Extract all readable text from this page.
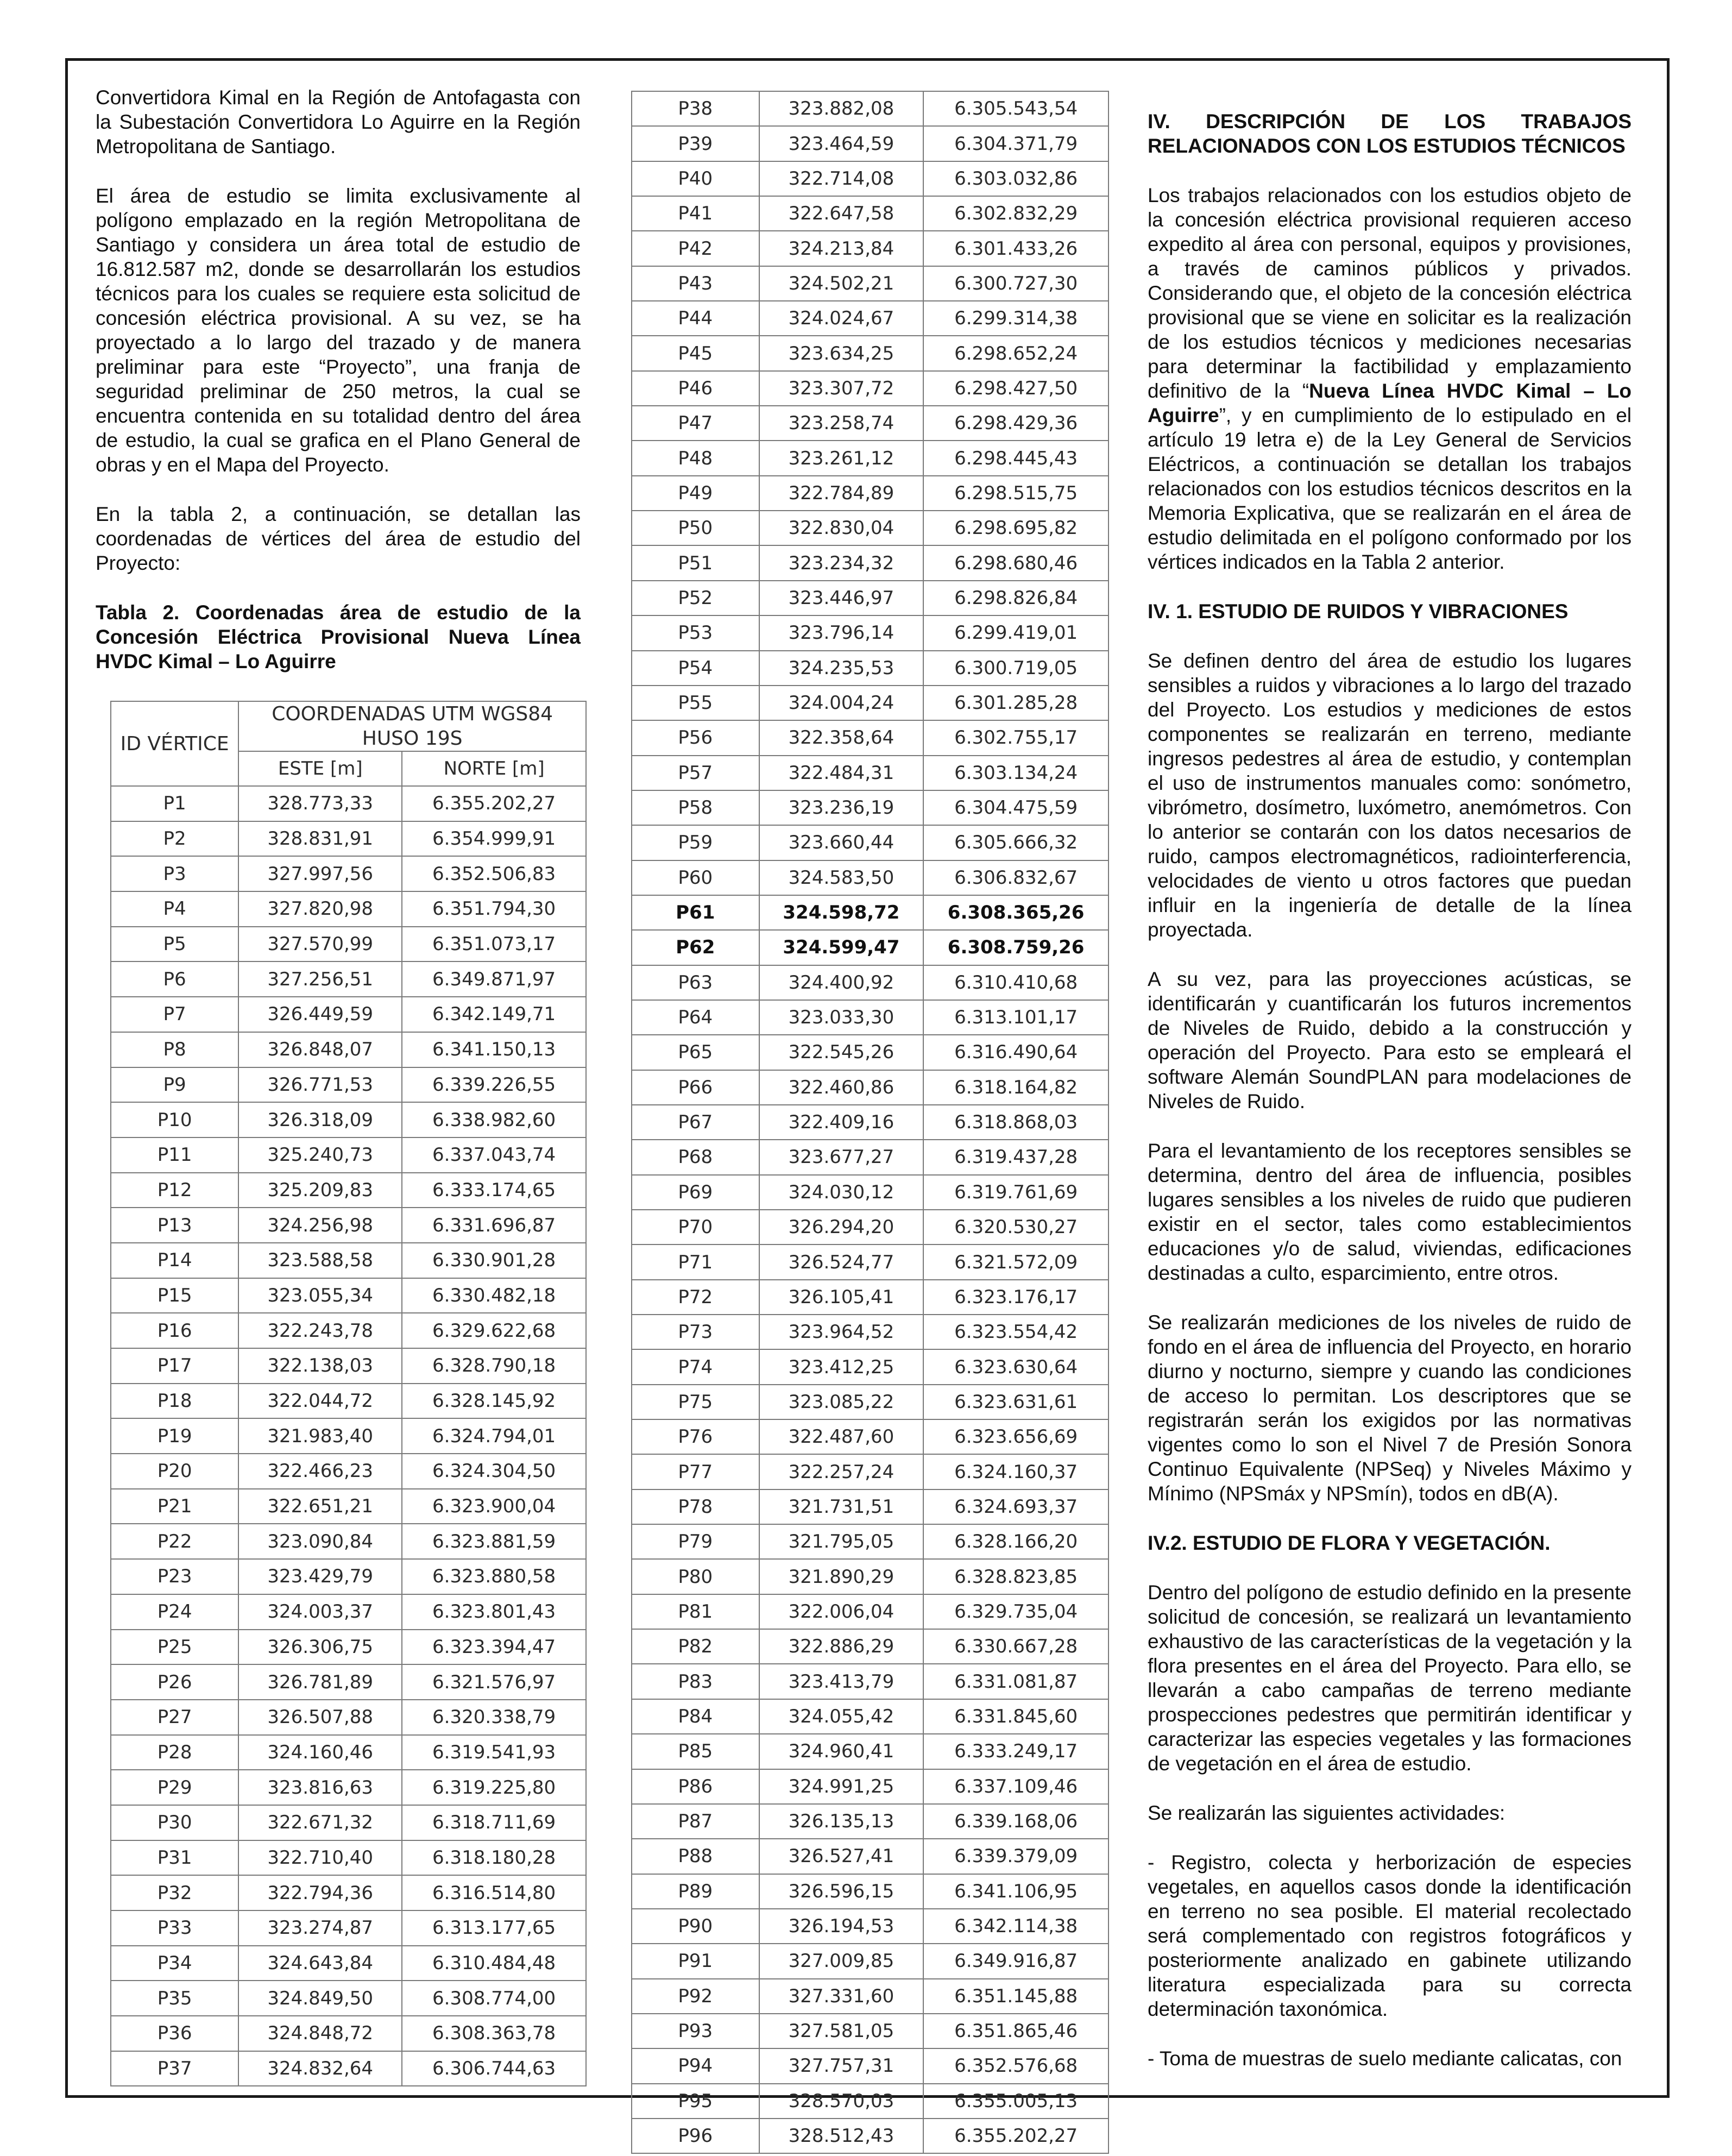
Convertidora Kimal en la Región de Antofagasta con la Subestación Convertidora Lo Aguirre en la Región Metropolitana de Santiago.

El área de estudio se limita exclusivamente al polígono emplazado en la región Metropolitana de Santiago y considera un área total de estudio de 16.812.587 m2, donde se desarrollarán los estudios técnicos para los cuales se requiere esta solicitud de concesión eléctrica provisional. A su vez, se ha proyectado a lo largo del trazado y de manera preliminar para este “Proyecto”, una franja de seguridad preliminar de 250 metros, la cual se encuentra contenida en su totalidad dentro del área de estudio, la cual se grafica en el Plano General de obras y en el Mapa del Proyecto.

En la tabla 2, a continuación, se detallan las coordenadas de vértices del área de estudio del Proyecto:

Tabla 2. Coordenadas área de estudio de la Concesión Eléctrica Provisional Nueva Línea HVDC Kimal – Lo Aguirre

ID VÉRTICE	COORDENADAS UTM WGS84
HUSO 19S	

	ESTE [m]	NORTE [m]
P1	328.773,33	6.355.202,27
P2	328.831,91	6.354.999,91
P3	327.997,56	6.352.506,83
P4	327.820,98	6.351.794,30
P5	327.570,99	6.351.073,17
P6	327.256,51	6.349.871,97
P7	326.449,59	6.342.149,71
P8	326.848,07	6.341.150,13
P9	326.771,53	6.339.226,55
P10	326.318,09	6.338.982,60
P11	325.240,73	6.337.043,74
P12	325.209,83	6.333.174,65
P13	324.256,98	6.331.696,87
P14	323.588,58	6.330.901,28
P15	323.055,34	6.330.482,18
P16	322.243,78	6.329.622,68
P17	322.138,03	6.328.790,18
P18	322.044,72	6.328.145,92
P19	321.983,40	6.324.794,01
P20	322.466,23	6.324.304,50
P21	322.651,21	6.323.900,04
P22	323.090,84	6.323.881,59
P23	323.429,79	6.323.880,58
P24	324.003,37	6.323.801,43
P25	326.306,75	6.323.394,47
P26	326.781,89	6.321.576,97
P27	326.507,88	6.320.338,79
P28	324.160,46	6.319.541,93
P29	323.816,63	6.319.225,80
P30	322.671,32	6.318.711,69
P31	322.710,40	6.318.180,28
P32	322.794,36	6.316.514,80
P33	323.274,87	6.313.177,65
P34	324.643,84	6.310.484,48
P35	324.849,50	6.308.774,00
P36	324.848,72	6.308.363,78
P37	324.832,64	6.306.744,63
P38	323.882,08	6.305.543,54
P39	323.464,59	6.304.371,79
P40	322.714,08	6.303.032,86
P41	322.647,58	6.302.832,29
P42	324.213,84	6.301.433,26
P43	324.502,21	6.300.727,30
P44	324.024,67	6.299.314,38
P45	323.634,25	6.298.652,24
P46	323.307,72	6.298.427,50
P47	323.258,74	6.298.429,36
P48	323.261,12	6.298.445,43
P49	322.784,89	6.298.515,75
P50	322.830,04	6.298.695,82
P51	323.234,32	6.298.680,46
P52	323.446,97	6.298.826,84
P53	323.796,14	6.299.419,01
P54	324.235,53	6.300.719,05
P55	324.004,24	6.301.285,28
P56	322.358,64	6.302.755,17
P57	322.484,31	6.303.134,24
P58	323.236,19	6.304.475,59
P59	323.660,44	6.305.666,32
P60	324.583,50	6.306.832,67
P61	324.598,72	6.308.365,26
P62	324.599,47	6.308.759,26
P63	324.400,92	6.310.410,68
P64	323.033,30	6.313.101,17
P65	322.545,26	6.316.490,64
P66	322.460,86	6.318.164,82
P67	322.409,16	6.318.868,03
P68	323.677,27	6.319.437,28
P69	324.030,12	6.319.761,69
P70	326.294,20	6.320.530,27
P71	326.524,77	6.321.572,09
P72	326.105,41	6.323.176,17
P73	323.964,52	6.323.554,42
P74	323.412,25	6.323.630,64
P75	323.085,22	6.323.631,61
P76	322.487,60	6.323.656,69
P77	322.257,24	6.324.160,37
P78	321.731,51	6.324.693,37
P79	321.795,05	6.328.166,20
P80	321.890,29	6.328.823,85
P81	322.006,04	6.329.735,04
P82	322.886,29	6.330.667,28
P83	323.413,79	6.331.081,87
P84	324.055,42	6.331.845,60
P85	324.960,41	6.333.249,17
P86	324.991,25	6.337.109,46
P87	326.135,13	6.339.168,06
P88	326.527,41	6.339.379,09
P89	326.596,15	6.341.106,95
P90	326.194,53	6.342.114,38
P91	327.009,85	6.349.916,87
P92	327.331,60	6.351.145,88
P93	327.581,05	6.351.865,46
P94	327.757,31	6.352.576,68
P95	328.570,03	6.355.005,13
P96	328.512,43	6.355.202,27

IV. DESCRIPCIÓN DE LOS TRABAJOS RELACIONADOS CON LOS ESTUDIOS TÉCNICOS

Los trabajos relacionados con los estudios objeto de la concesión eléctrica provisional requieren acceso expedito al área con personal, equipos y provisiones, a través de caminos públicos y privados. Considerando que, el objeto de la concesión eléctrica provisional que se viene en solicitar es la realización de los estudios técnicos y mediciones necesarias para determinar la factibilidad y emplazamiento definitivo de la “Nueva Línea HVDC Kimal – Lo Aguirre”, y en cumplimiento de lo estipulado en el artículo 19 letra e) de la Ley General de Servicios Eléctricos, a continuación se detallan los trabajos relacionados con los estudios técnicos descritos en la Memoria Explicativa, que se realizarán en el área de estudio delimitada en el polígono conformado por los vértices indicados en la Tabla 2 anterior.

IV. 1. ESTUDIO DE RUIDOS Y VIBRACIONES

Se definen dentro del área de estudio los lugares sensibles a ruidos y vibraciones a lo largo del trazado del Proyecto. Los estudios y mediciones de estos componentes se realizarán en terreno, mediante ingresos pedestres al área de estudio, y contemplan el uso de instrumentos manuales como: sonómetro, vibrómetro, dosímetro, luxómetro, anemómetros. Con lo anterior se contarán con los datos necesarios de ruido, campos electromagnéticos, radiointerferencia, velocidades de viento u otros factores que puedan influir en la ingeniería de detalle de la línea proyectada.

A su vez, para las proyecciones acústicas, se identificarán y cuantificarán los futuros incrementos de Niveles de Ruido, debido a la construcción y operación del Proyecto. Para esto se empleará el software Alemán SoundPLAN para modelaciones de Niveles de Ruido.

Para el levantamiento de los receptores sensibles se determina, dentro del área de influencia, posibles lugares sensibles a los niveles de ruido que pudieren existir en el sector, tales como establecimientos educaciones y/o de salud, viviendas, edificaciones destinadas a culto, esparcimiento, entre otros.

Se realizarán mediciones de los niveles de ruido de fondo en el área de influencia del Proyecto, en horario diurno y nocturno, siempre y cuando las condiciones de acceso lo permitan. Los descriptores que se registrarán serán los exigidos por las normativas vigentes como lo son el Nivel 7 de Presión Sonora Continuo Equivalente (NPSeq) y Niveles Máximo y Mínimo (NPSmáx y NPSmín), todos en dB(A).

IV.2. ESTUDIO DE FLORA Y VEGETACIÓN.

Dentro del polígono de estudio definido en la presente solicitud de concesión, se realizará un levantamiento exhaustivo de las características de la vegetación y la flora presentes en el área del Proyecto. Para ello, se llevarán a cabo campañas de terreno mediante prospecciones pedestres que permitirán identificar y caracterizar las especies vegetales y las formaciones de vegetación en el área de estudio.

Se realizarán las siguientes actividades:

- Registro, colecta y herborización de especies vegetales, en aquellos casos donde la identificación en terreno no sea posible. El material recolectado será complementado con registros fotográficos y posteriormente analizado en gabinete utilizando literatura especializada para su correcta determinación taxonómica.

- Toma de muestras de suelo mediante calicatas, con
